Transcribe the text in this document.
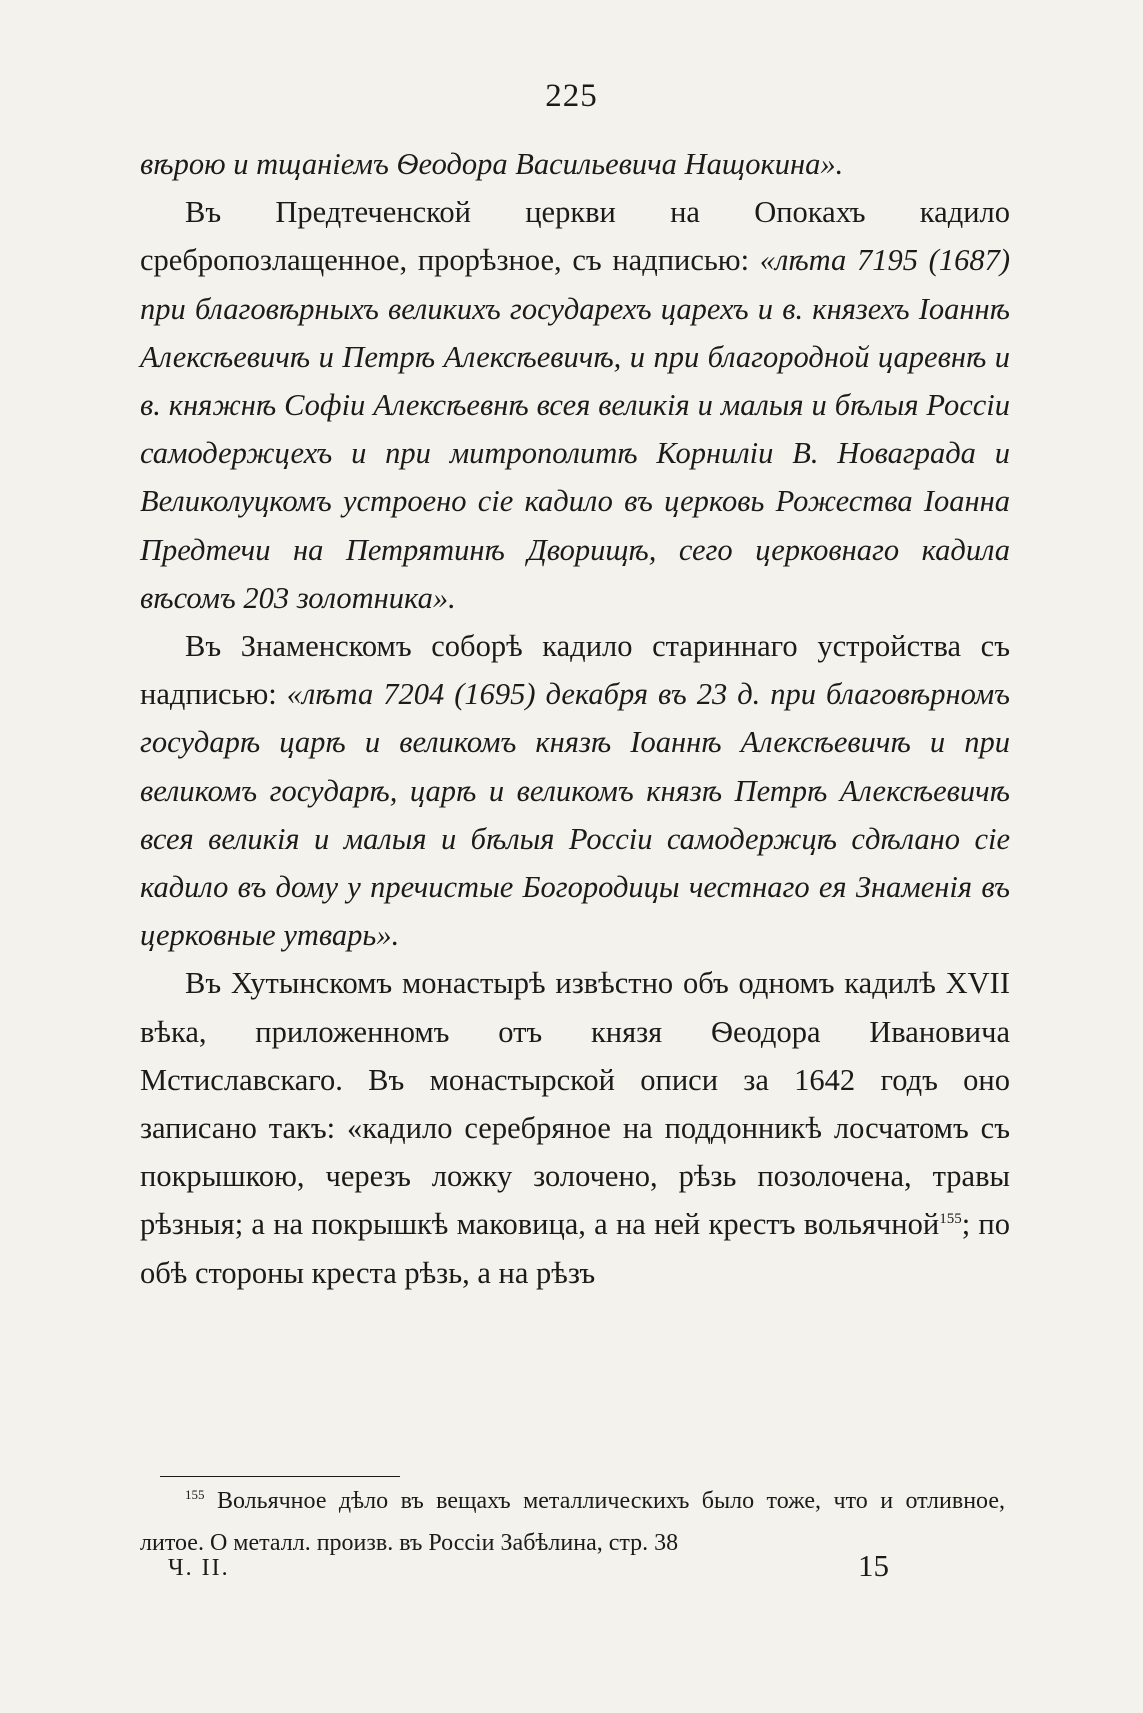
225

вѣрою и тщаніемъ Ѳеодора Васильевича Нащокина».

Въ Предтеченской церкви на Опокахъ кадило сребропозлащенное, прорѣзное, съ надписью: «лѣта 7195 (1687) при благовѣрныхъ великихъ государехъ царехъ и в. князехъ Іоаннѣ Алексѣевичѣ и Петрѣ Алексѣевичѣ, и при благородной царевнѣ и в. княжнѣ Софіи Алексѣевнѣ всея великія и малыя и бѣлыя Россіи самодержцехъ и при митрополитѣ Корниліи В. Новаграда и Великолуцкомъ устроено сіе кадило въ церковь Рожества Іоанна Предтечи на Петрятинѣ Дворищѣ, сего церковнаго кадила вѣсомъ 203 золотника».

Въ Знаменскомъ соборѣ кадило стариннаго устройства съ надписью: «лѣта 7204 (1695) декабря въ 23 д. при благовѣрномъ государѣ царѣ и великомъ князѣ Іоаннѣ Алексѣевичѣ и при великомъ государѣ, царѣ и великомъ князѣ Петрѣ Алексѣевичѣ всея великія и малыя и бѣлыя Россіи самодержцѣ сдѣлано сіе кадило въ дому у пречистые Богородицы честнаго ея Знаменія въ церковные утварь».

Въ Хутынскомъ монастырѣ извѣстно объ одномъ кадилѣ XVII вѣка, приложенномъ отъ князя Ѳеодора Ивановича Мстиславскаго. Въ монастырской описи за 1642 годъ оно записано такъ: «кадило серебряное на поддонникѣ лосчатомъ съ покрышкою, черезъ ложку золочено, рѣзь позолочена, травы рѣзныя; а на покрышкѣ маковица, а на ней крестъ вольячной$^{155}$; по обѣ стороны креста рѣзь, а на рѣзъ

$^{155}$ Вольячное дѣло въ вещахъ металлическихъ было тоже, что и отливное, литое. О металл. произв. въ Россіи Забѣлина, стр. 38
Ч. II.	15
